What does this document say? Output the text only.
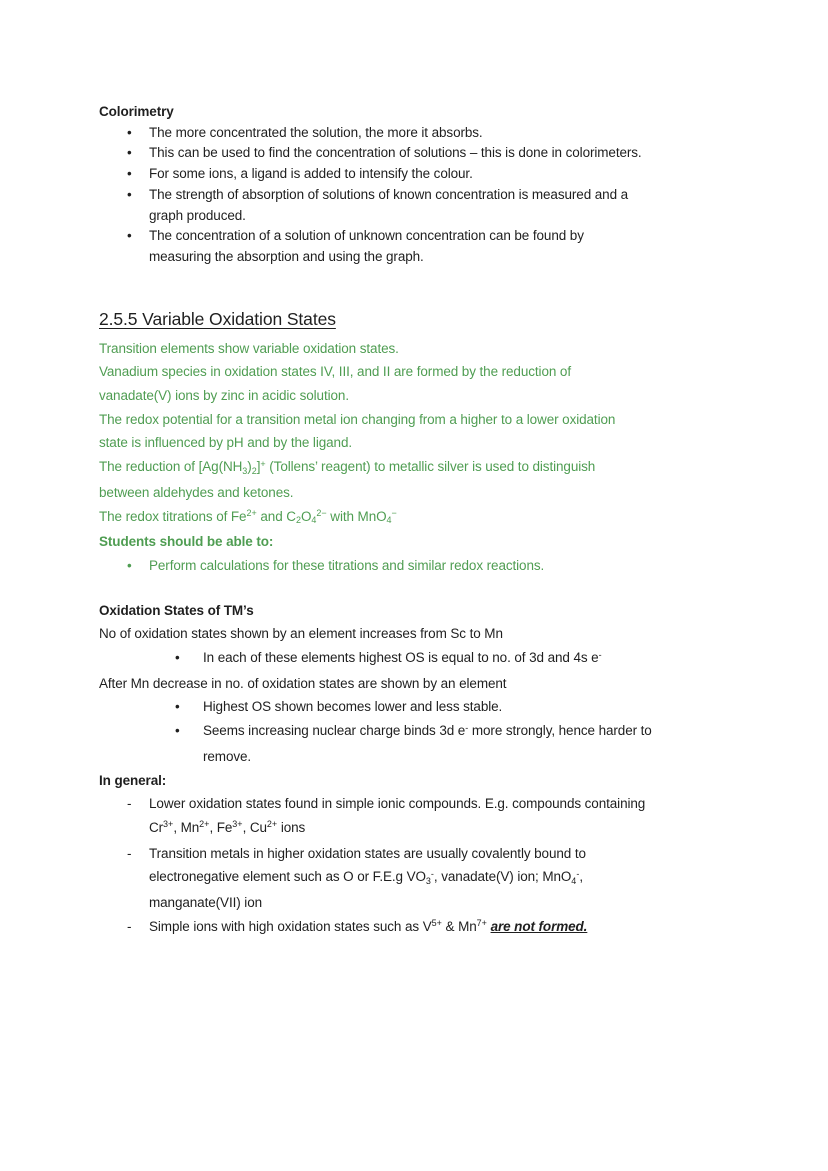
Colorimetry
• The more concentrated the solution, the more it absorbs.
• This can be used to find the concentration of solutions – this is done in colorimeters.
• For some ions, a ligand is added to intensify the colour.
• The strength of absorption of solutions of known concentration is measured and a
graph produced.
• The concentration of a solution of unknown concentration can be found by
measuring the absorption and using the graph.
2.5.5 Variable Oxidation States
Transition elements show variable oxidation states.
Vanadium species in oxidation states IV, III, and II are formed by the reduction of
vanadate(V) ions by zinc in acidic solution.
The redox potential for a transition metal ion changing from a higher to a lower oxidation
state is influenced by pH and by the ligand.
The reduction of [Ag(NH3)2]+ (Tollens’ reagent) to metallic silver is used to distinguish
between aldehydes and ketones.
The redox titrations of $Fe^{2+}$ and $C2O4^{2-}$ with MnO4−
Students should be able to:
• Perform calculations for these titrations and similar redox reactions.
Oxidation States of TM’s
No of oxidation states shown by an element increases from Sc to Mn
• In each of these elements highest OS is equal to no. of 3d and 4s e-
After Mn decrease in no. of oxidation states are shown by an element
• Highest OS shown becomes lower and less stable.
• Seems increasing nuclear charge binds 3d e- more strongly, hence harder to
remove.
In general:
- Lower oxidation states found in simple ionic compounds. E.g. compounds containing
$Cr^{3+}$, $Mn^{2+}$, $Fe^{3+}$, $Cu^{2+}$ ions
- Transition metals in higher oxidation states are usually covalently bound to
electronegative element such as O or F.E.g VO3-, vanadate(V) ion; MnO4-,
manganate(VII) ion
- Simple ions with high oxidation states such as $V^{5+}$ & $Mn^{7+}$ are not formed.
